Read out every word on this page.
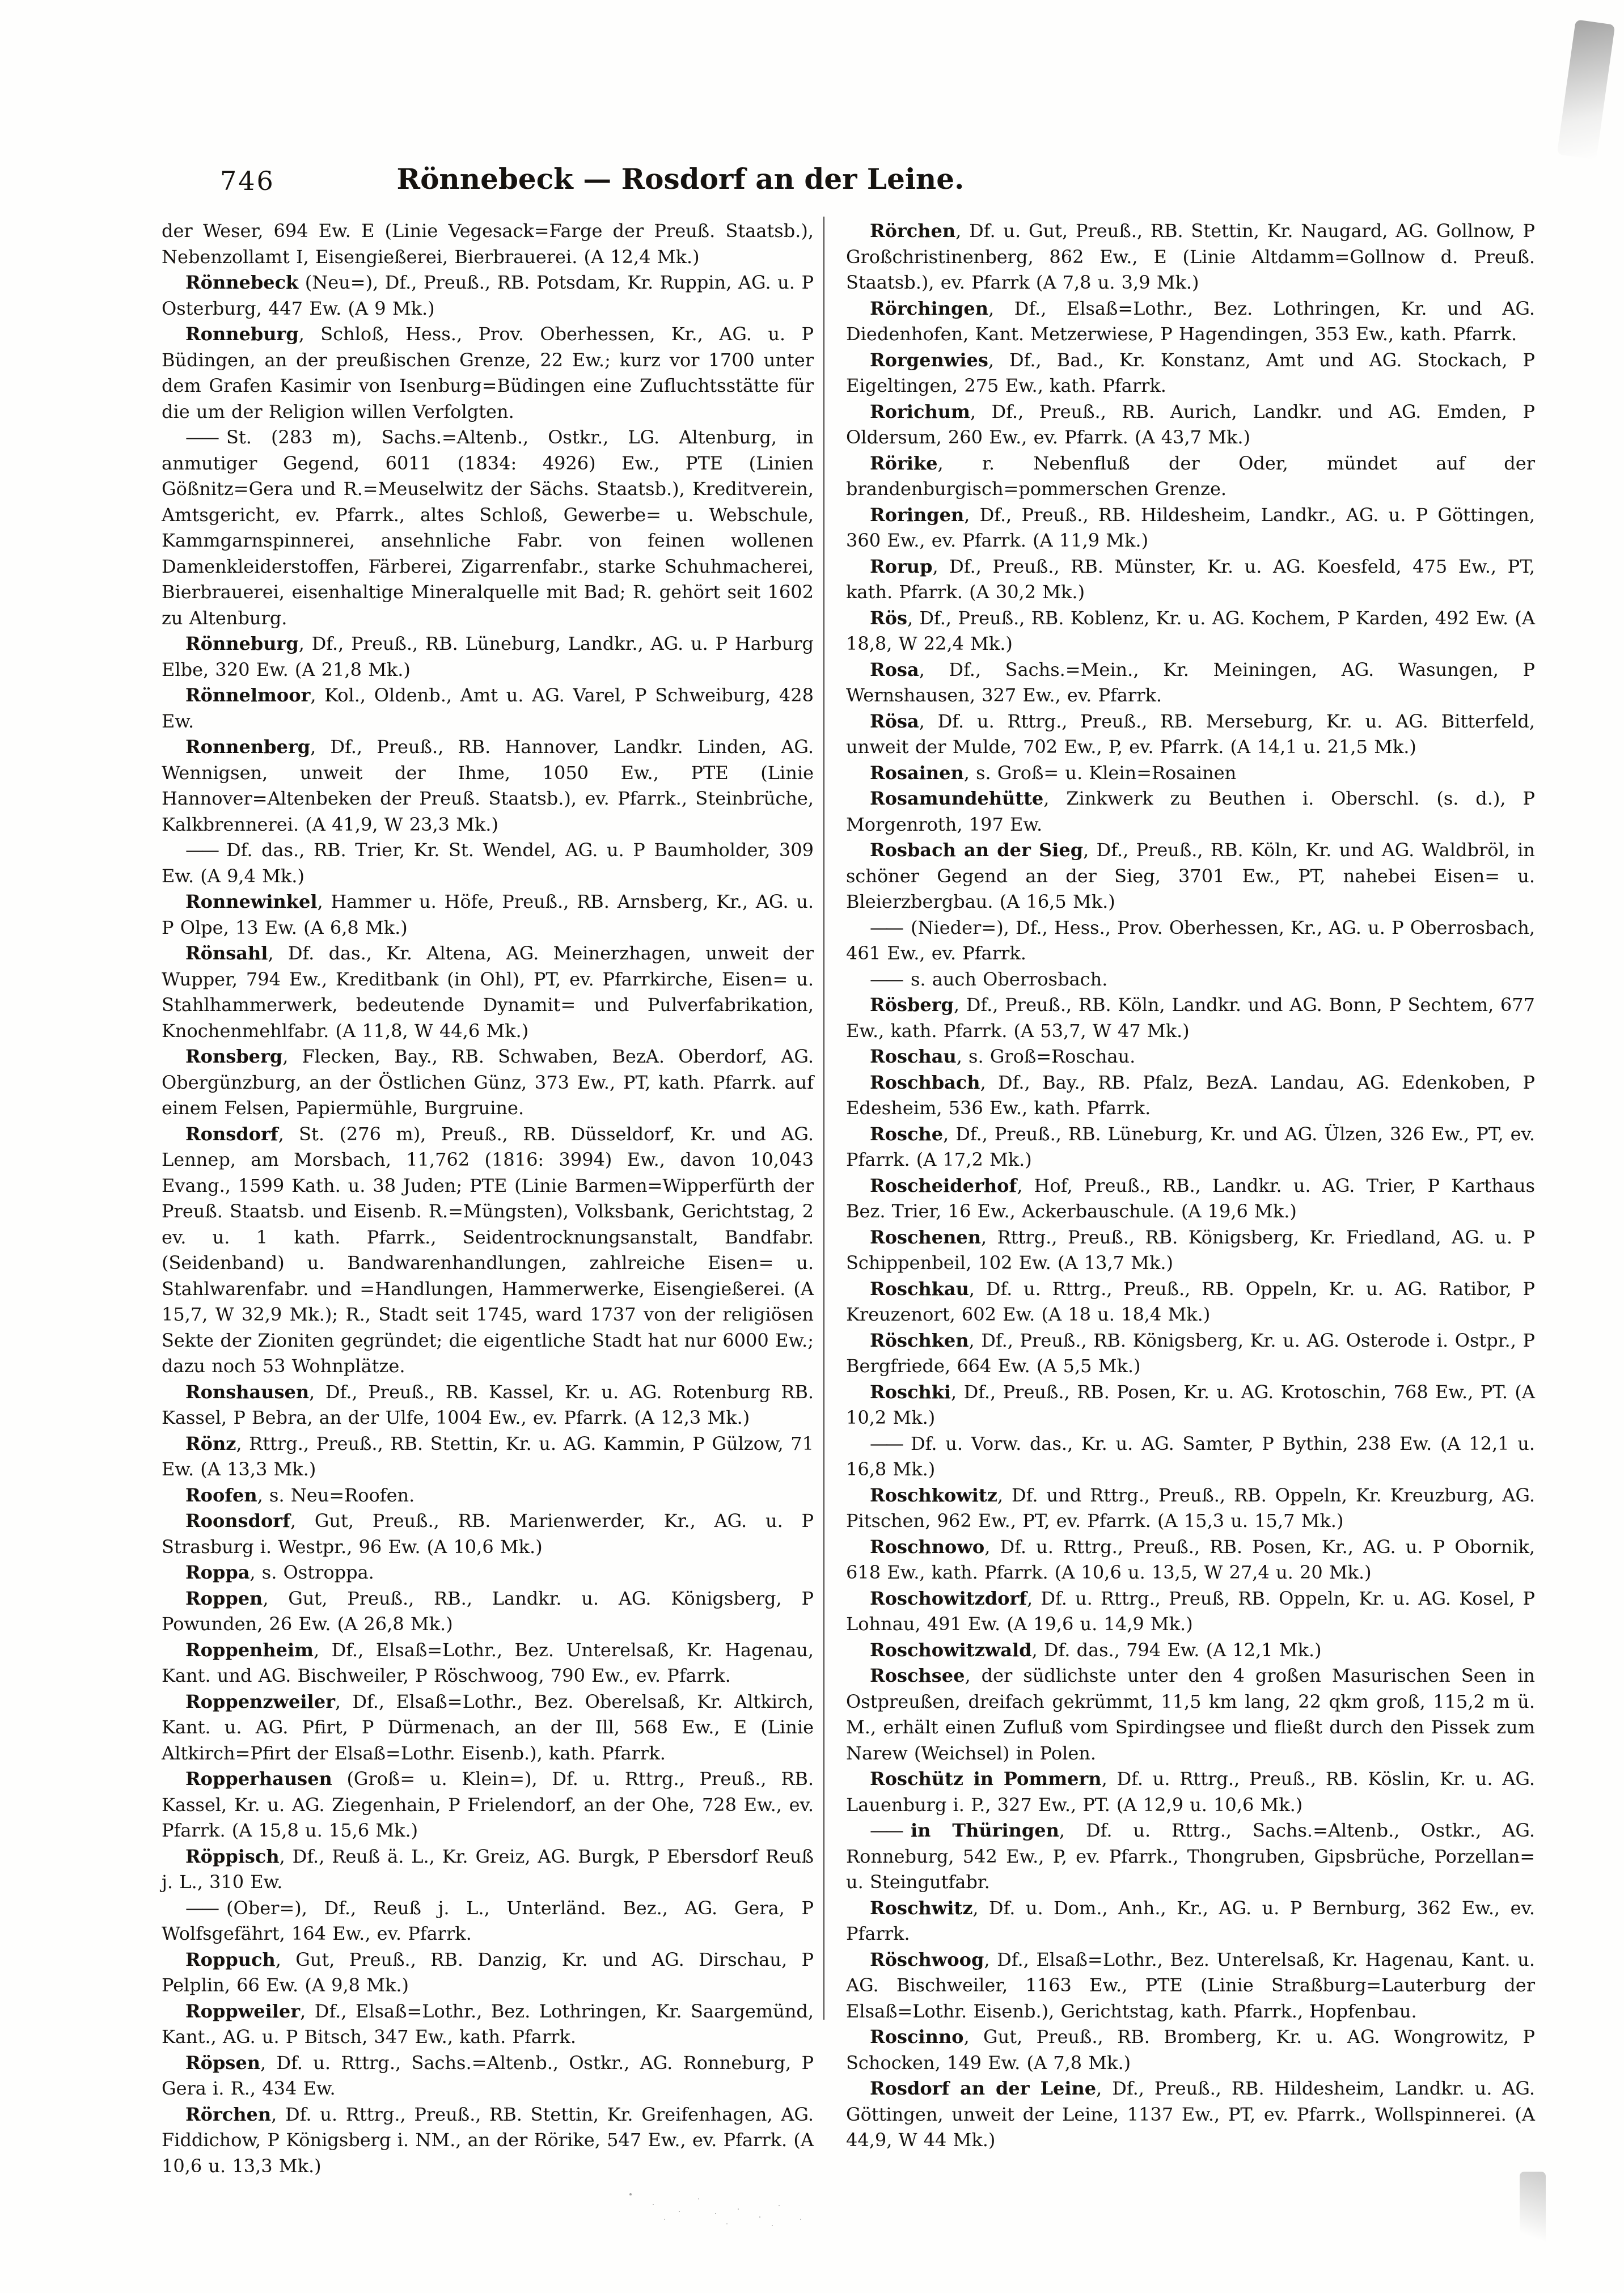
746	Rönnebeck — Rosdorf an der Leine.

der Weser, 694 Ew. E (Linie Vegesack=Farge der Preuß. Staatsb.), Nebenzollamt I, Eisengießerei, Bierbrauerei. (A 12,4 Mk.)

Rönnebeck (Neu=), Df., Preuß., RB. Potsdam, Kr. Ruppin, AG. u. P Osterburg, 447 Ew. (A 9 Mk.)

Ronneburg, Schloß, Hess., Prov. Oberhessen, Kr., AG. u. P Büdingen, an der preußischen Grenze, 22 Ew.; kurz vor 1700 unter dem Grafen Kasimir von Isenburg=Büdingen eine Zufluchtsstätte für die um der Religion willen Verfolgten.

—— St. (283 m), Sachs.=Altenb., Ostkr., LG. Altenburg, in anmutiger Gegend, 6011 (1834: 4926) Ew., PTE (Linien Gößnitz=Gera und R.=Meuselwitz der Sächs. Staatsb.), Kreditverein, Amtsgericht, ev. Pfarrk., altes Schloß, Gewerbe= u. Webschule, Kammgarnspinnerei, ansehnliche Fabr. von feinen wollenen Damenkleiderstoffen, Färberei, Zigarrenfabr., starke Schuhmacherei, Bierbrauerei, eisenhaltige Mineralquelle mit Bad; R. gehört seit 1602 zu Altenburg.

Rönneburg, Df., Preuß., RB. Lüneburg, Landkr., AG. u. P Harburg Elbe, 320 Ew. (A 21,8 Mk.)

Rönnelmoor, Kol., Oldenb., Amt u. AG. Varel, P Schweiburg, 428 Ew.

Ronnenberg, Df., Preuß., RB. Hannover, Landkr. Linden, AG. Wennigsen, unweit der Ihme, 1050 Ew., PTE (Linie Hannover=Altenbeken der Preuß. Staatsb.), ev. Pfarrk., Steinbrüche, Kalkbrennerei. (A 41,9, W 23,3 Mk.)

—— Df. das., RB. Trier, Kr. St. Wendel, AG. u. P Baumholder, 309 Ew. (A 9,4 Mk.)

Ronnewinkel, Hammer u. Höfe, Preuß., RB. Arnsberg, Kr., AG. u. P Olpe, 13 Ew. (A 6,8 Mk.)

Rönsahl, Df. das., Kr. Altena, AG. Meinerzhagen, unweit der Wupper, 794 Ew., Kreditbank (in Ohl), PT, ev. Pfarrkirche, Eisen= u. Stahlhammerwerk, bedeutende Dynamit= und Pulverfabrikation, Knochenmehlfabr. (A 11,8, W 44,6 Mk.)

Ronsberg, Flecken, Bay., RB. Schwaben, BezA. Oberdorf, AG. Obergünzburg, an der Östlichen Günz, 373 Ew., PT, kath. Pfarrk. auf einem Felsen, Papiermühle, Burgruine.

Ronsdorf, St. (276 m), Preuß., RB. Düsseldorf, Kr. und AG. Lennep, am Morsbach, 11,762 (1816: 3994) Ew., davon 10,043 Evang., 1599 Kath. u. 38 Juden; PTE (Linie Barmen=Wipperfürth der Preuß. Staatsb. und Eisenb. R.=Müngsten), Volksbank, Gerichtstag, 2 ev. u. 1 kath. Pfarrk., Seidentrocknungsanstalt, Bandfabr. (Seidenband) u. Bandwarenhandlungen, zahlreiche Eisen= u. Stahlwarenfabr. und =Handlungen, Hammerwerke, Eisengießerei. (A 15,7, W 32,9 Mk.); R., Stadt seit 1745, ward 1737 von der religiösen Sekte der Zioniten gegründet; die eigentliche Stadt hat nur 6000 Ew.; dazu noch 53 Wohnplätze.

Ronshausen, Df., Preuß., RB. Kassel, Kr. u. AG. Rotenburg RB. Kassel, P Bebra, an der Ulfe, 1004 Ew., ev. Pfarrk. (A 12,3 Mk.)

Rönz, Rttrg., Preuß., RB. Stettin, Kr. u. AG. Kammin, P Gülzow, 71 Ew. (A 13,3 Mk.)

Roofen, s. Neu=Roofen.

Roonsdorf, Gut, Preuß., RB. Marienwerder, Kr., AG. u. P Strasburg i. Westpr., 96 Ew. (A 10,6 Mk.)

Roppa, s. Ostroppa.

Roppen, Gut, Preuß., RB., Landkr. u. AG. Königsberg, P Powunden, 26 Ew. (A 26,8 Mk.)

Roppenheim, Df., Elsaß=Lothr., Bez. Unterelsaß, Kr. Hagenau, Kant. und AG. Bischweiler, P Röschwoog, 790 Ew., ev. Pfarrk.

Roppenzweiler, Df., Elsaß=Lothr., Bez. Oberelsaß, Kr. Altkirch, Kant. u. AG. Pfirt, P Dürmenach, an der Ill, 568 Ew., E (Linie Altkirch=Pfirt der Elsaß=Lothr. Eisenb.), kath. Pfarrk.

Ropperhausen (Groß= u. Klein=), Df. u. Rttrg., Preuß., RB. Kassel, Kr. u. AG. Ziegenhain, P Frielendorf, an der Ohe, 728 Ew., ev. Pfarrk. (A 15,8 u. 15,6 Mk.)

Röppisch, Df., Reuß ä. L., Kr. Greiz, AG. Burgk, P Ebersdorf Reuß j. L., 310 Ew.

—— (Ober=), Df., Reuß j. L., Unterländ. Bez., AG. Gera, P Wolfsgefährt, 164 Ew., ev. Pfarrk.

Roppuch, Gut, Preuß., RB. Danzig, Kr. und AG. Dirschau, P Pelplin, 66 Ew. (A 9,8 Mk.)

Roppweiler, Df., Elsaß=Lothr., Bez. Lothringen, Kr. Saargemünd, Kant., AG. u. P Bitsch, 347 Ew., kath. Pfarrk.

Röpsen, Df. u. Rttrg., Sachs.=Altenb., Ostkr., AG. Ronneburg, P Gera i. R., 434 Ew.

Rörchen, Df. u. Rttrg., Preuß., RB. Stettin, Kr. Greifenhagen, AG. Fiddichow, P Königsberg i. NM., an der Rörike, 547 Ew., ev. Pfarrk. (A 10,6 u. 13,3 Mk.)

Rörchen, Df. u. Gut, Preuß., RB. Stettin, Kr. Naugard, AG. Gollnow, P Großchristinenberg, 862 Ew., E (Linie Altdamm=Gollnow d. Preuß. Staatsb.), ev. Pfarrk (A 7,8 u. 3,9 Mk.)

Rörchingen, Df., Elsaß=Lothr., Bez. Lothringen, Kr. und AG. Diedenhofen, Kant. Metzerwiese, P Hagendingen, 353 Ew., kath. Pfarrk.

Rorgenwies, Df., Bad., Kr. Konstanz, Amt und AG. Stockach, P Eigeltingen, 275 Ew., kath. Pfarrk.

Rorichum, Df., Preuß., RB. Aurich, Landkr. und AG. Emden, P Oldersum, 260 Ew., ev. Pfarrk. (A 43,7 Mk.)

Rörike, r. Nebenfluß der Oder, mündet auf der brandenburgisch=pommerschen Grenze.

Roringen, Df., Preuß., RB. Hildesheim, Landkr., AG. u. P Göttingen, 360 Ew., ev. Pfarrk. (A 11,9 Mk.)

Rorup, Df., Preuß., RB. Münster, Kr. u. AG. Koesfeld, 475 Ew., PT, kath. Pfarrk. (A 30,2 Mk.)

Rös, Df., Preuß., RB. Koblenz, Kr. u. AG. Kochem, P Karden, 492 Ew. (A 18,8, W 22,4 Mk.)

Rosa, Df., Sachs.=Mein., Kr. Meiningen, AG. Wasungen, P Wernshausen, 327 Ew., ev. Pfarrk.

Rösa, Df. u. Rttrg., Preuß., RB. Merseburg, Kr. u. AG. Bitterfeld, unweit der Mulde, 702 Ew., P, ev. Pfarrk. (A 14,1 u. 21,5 Mk.)

Rosainen, s. Groß= u. Klein=Rosainen

Rosamundehütte, Zinkwerk zu Beuthen i. Oberschl. (s. d.), P Morgenroth, 197 Ew.

Rosbach an der Sieg, Df., Preuß., RB. Köln, Kr. und AG. Waldbröl, in schöner Gegend an der Sieg, 3701 Ew., PT, nahebei Eisen= u. Bleierzbergbau. (A 16,5 Mk.)

—— (Nieder=), Df., Hess., Prov. Oberhessen, Kr., AG. u. P Oberrosbach, 461 Ew., ev. Pfarrk.

—— s. auch Oberrosbach.

Rösberg, Df., Preuß., RB. Köln, Landkr. und AG. Bonn, P Sechtem, 677 Ew., kath. Pfarrk. (A 53,7, W 47 Mk.)

Roschau, s. Groß=Roschau.

Roschbach, Df., Bay., RB. Pfalz, BezA. Landau, AG. Edenkoben, P Edesheim, 536 Ew., kath. Pfarrk.

Rosche, Df., Preuß., RB. Lüneburg, Kr. und AG. Ülzen, 326 Ew., PT, ev. Pfarrk. (A 17,2 Mk.)

Roscheiderhof, Hof, Preuß., RB., Landkr. u. AG. Trier, P Karthaus Bez. Trier, 16 Ew., Ackerbauschule. (A 19,6 Mk.)

Roschenen, Rttrg., Preuß., RB. Königsberg, Kr. Friedland, AG. u. P Schippenbeil, 102 Ew. (A 13,7 Mk.)

Roschkau, Df. u. Rttrg., Preuß., RB. Oppeln, Kr. u. AG. Ratibor, P Kreuzenort, 602 Ew. (A 18 u. 18,4 Mk.)

Röschken, Df., Preuß., RB. Königsberg, Kr. u. AG. Osterode i. Ostpr., P Bergfriede, 664 Ew. (A 5,5 Mk.)

Roschki, Df., Preuß., RB. Posen, Kr. u. AG. Krotoschin, 768 Ew., PT. (A 10,2 Mk.)

—— Df. u. Vorw. das., Kr. u. AG. Samter, P Bythin, 238 Ew. (A 12,1 u. 16,8 Mk.)

Roschkowitz, Df. und Rttrg., Preuß., RB. Oppeln, Kr. Kreuzburg, AG. Pitschen, 962 Ew., PT, ev. Pfarrk. (A 15,3 u. 15,7 Mk.)

Roschnowo, Df. u. Rttrg., Preuß., RB. Posen, Kr., AG. u. P Obornik, 618 Ew., kath. Pfarrk. (A 10,6 u. 13,5, W 27,4 u. 20 Mk.)

Roschowitzdorf, Df. u. Rttrg., Preuß, RB. Oppeln, Kr. u. AG. Kosel, P Lohnau, 491 Ew. (A 19,6 u. 14,9 Mk.)

Roschowitzwald, Df. das., 794 Ew. (A 12,1 Mk.)

Roschsee, der südlichste unter den 4 großen Masurischen Seen in Ostpreußen, dreifach gekrümmt, 11,5 km lang, 22 qkm groß, 115,2 m ü. M., erhält einen Zufluß vom Spirdingsee und fließt durch den Pissek zum Narew (Weichsel) in Polen.

Roschütz in Pommern, Df. u. Rttrg., Preuß., RB. Köslin, Kr. u. AG. Lauenburg i. P., 327 Ew., PT. (A 12,9 u. 10,6 Mk.)

—— in Thüringen, Df. u. Rttrg., Sachs.=Altenb., Ostkr., AG. Ronneburg, 542 Ew., P, ev. Pfarrk., Thongruben, Gipsbrüche, Porzellan= u. Steingutfabr.

Roschwitz, Df. u. Dom., Anh., Kr., AG. u. P Bernburg, 362 Ew., ev. Pfarrk.

Röschwoog, Df., Elsaß=Lothr., Bez. Unterelsaß, Kr. Hagenau, Kant. u. AG. Bischweiler, 1163 Ew., PTE (Linie Straßburg=Lauterburg der Elsaß=Lothr. Eisenb.), Gerichtstag, kath. Pfarrk., Hopfenbau.

Roscinno, Gut, Preuß., RB. Bromberg, Kr. u. AG. Wongrowitz, P Schocken, 149 Ew. (A 7,8 Mk.)

Rosdorf an der Leine, Df., Preuß., RB. Hildesheim, Landkr. u. AG. Göttingen, unweit der Leine, 1137 Ew., PT, ev. Pfarrk., Wollspinnerei. (A 44,9, W 44 Mk.)
